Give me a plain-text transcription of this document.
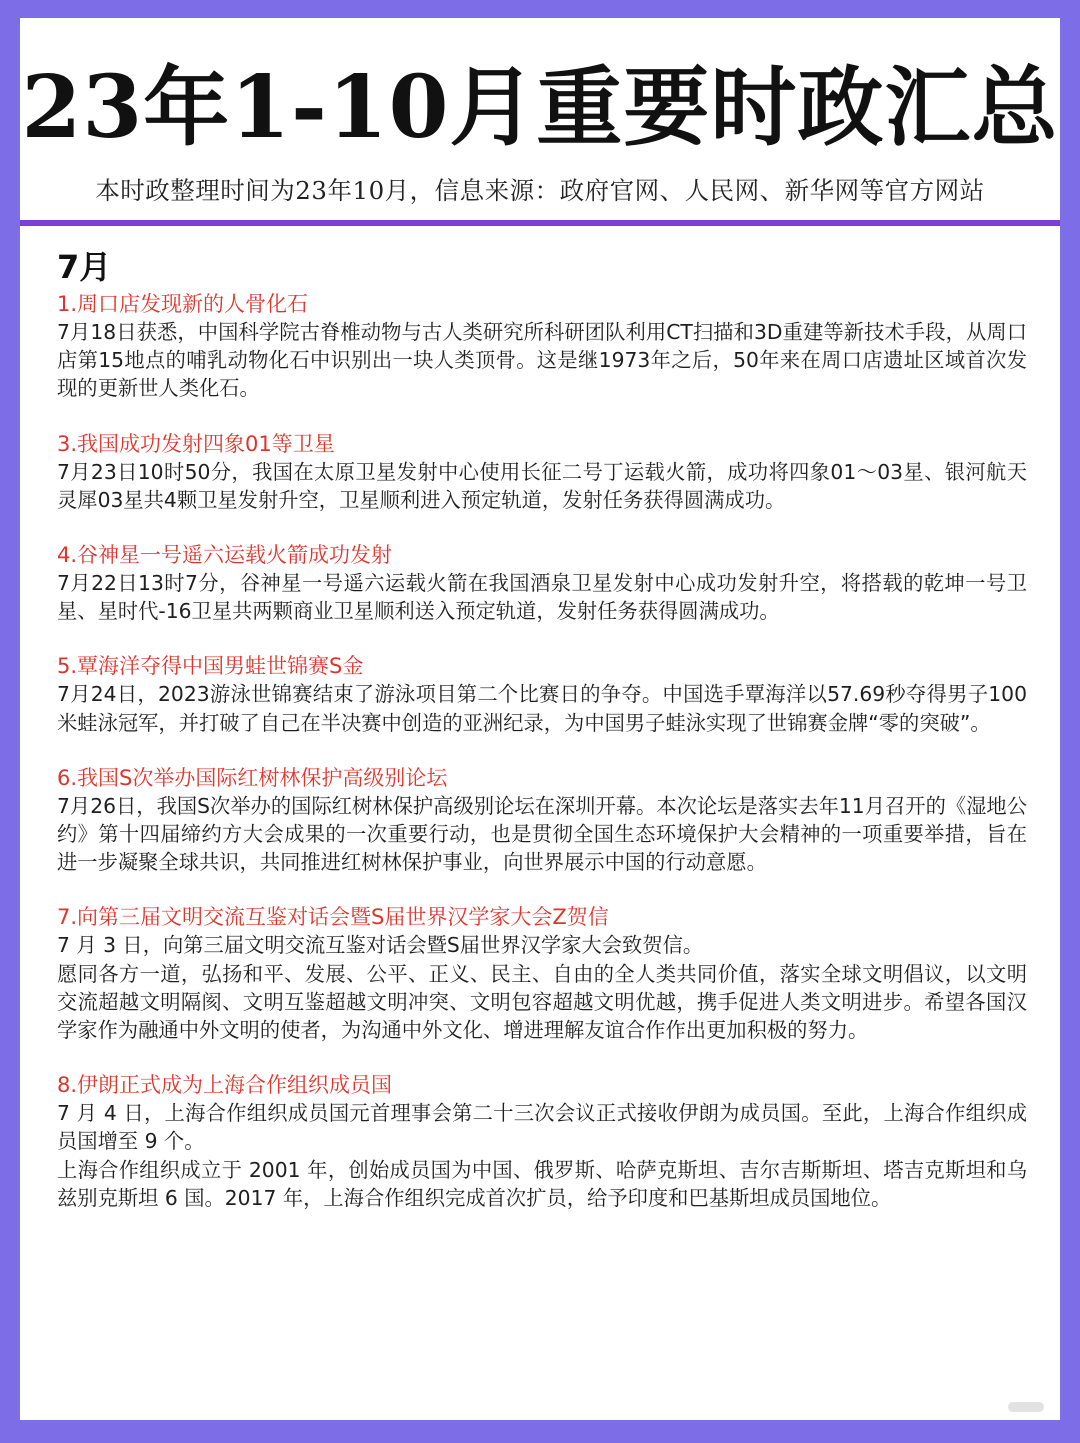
23年1-10月重要时政汇总
本时政整理时间为23年10月，信息来源：政府官网、人民网、新华网等官方网站
7月
1.周口店发现新的人骨化石
7月18日获悉，中国科学院古脊椎动物与古人类研究所科研团队利用CT扫描和3D重建等新技术手段，从周口店第15地点的哺乳动物化石中识别出一块人类顶骨。这是继1973年之后，50年来在周口店遗址区域首次发现的更新世人类化石。
3.我国成功发射四象01等卫星
7月23日10时50分，我国在太原卫星发射中心使用长征二号丁运载火箭，成功将四象01～03星、银河航天灵犀03星共4颗卫星发射升空，卫星顺利进入预定轨道，发射任务获得圆满成功。
4.谷神星一号遥六运载火箭成功发射
7月22日13时7分，谷神星一号遥六运载火箭在我国酒泉卫星发射中心成功发射升空，将搭载的乾坤一号卫星、星时代-16卫星共两颗商业卫星顺利送入预定轨道，发射任务获得圆满成功。
5.覃海洋夺得中国男蛙世锦赛S金
7月24日，2023游泳世锦赛结束了游泳项目第二个比赛日的争夺。中国选手覃海洋以57.69秒夺得男子100米蛙泳冠军，并打破了自己在半决赛中创造的亚洲纪录，为中国男子蛙泳实现了世锦赛金牌“零的突破”。
6.我国S次举办国际红树林保护高级别论坛
7月26日，我国S次举办的国际红树林保护高级别论坛在深圳开幕。本次论坛是落实去年11月召开的《湿地公约》第十四届缔约方大会成果的一次重要行动，也是贯彻全国生态环境保护大会精神的一项重要举措，旨在进一步凝聚全球共识，共同推进红树林保护事业，向世界展示中国的行动意愿。
7.向第三届文明交流互鉴对话会暨S届世界汉学家大会Z贺信
7 月 3 日，向第三届文明交流互鉴对话会暨S届世界汉学家大会致贺信。
愿同各方一道，弘扬和平、发展、公平、正义、民主、自由的全人类共同价值，落实全球文明倡议，以文明交流超越文明隔阂、文明互鉴超越文明冲突、文明包容超越文明优越，携手促进人类文明进步。希望各国汉学家作为融通中外文明的使者，为沟通中外文化、增进理解友谊合作作出更加积极的努力。
8.伊朗正式成为上海合作组织成员国
7 月 4 日，上海合作组织成员国元首理事会第二十三次会议正式接收伊朗为成员国。至此，上海合作组织成员国增至 9 个。
上海合作组织成立于 2001 年，创始成员国为中国、俄罗斯、哈萨克斯坦、吉尔吉斯斯坦、塔吉克斯坦和乌兹别克斯坦 6 国。2017 年，上海合作组织完成首次扩员，给予印度和巴基斯坦成员国地位。
